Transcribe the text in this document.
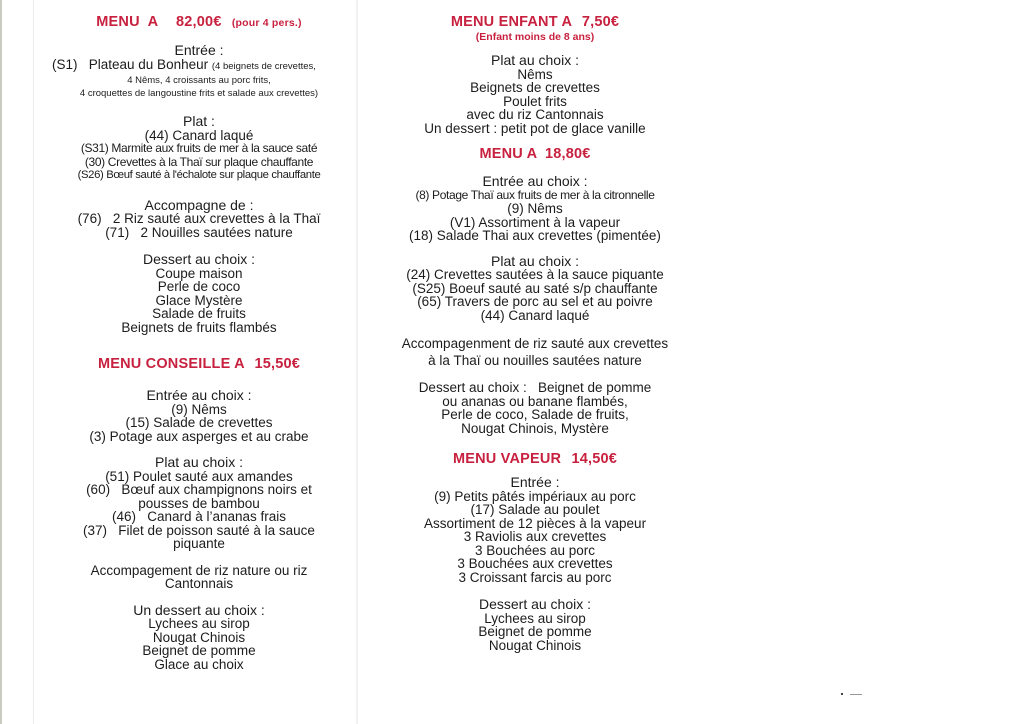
MENU  A 82,00€ (pour 4 pers.)
Entrée :
(S1)   Plateau du Bonheur (4 beignets de crevettes,
4 Nêms, 4 croissants au porc frits,
4 croquettes de langoustine frits et salade aux crevettes)
Plat :
(44) Canard laqué
(S31) Marmite aux fruits de mer à la sauce saté
(30) Crevettes à la Thaï sur plaque chauffante
(S26) Bœuf sauté à l'échalote sur plaque chauffante
Accompagne de :
(76)   2 Riz sauté aux crevettes à la Thaï
(71)   2 Nouilles sautées nature
Dessert au choix :
Coupe maison
Perle de coco
Glace Mystère
Salade de fruits
Beignets de fruits flambés
MENU CONSEILLE A 15,50€
Entrée au choix :
(9) Nêms
(15) Salade de crevettes
(3) Potage aux asperges et au crabe
Plat au choix :
(51) Poulet sauté aux amandes
(60)   Bœuf aux champignons noirs et
pousses de bambou
(46)   Canard à l’ananas frais
(37)   Filet de poisson sauté à la sauce
piquante
Accompagement de riz nature ou riz
Cantonnais
Un dessert au choix :
Lychees au sirop
Nougat Chinois
Beignet de pomme
Glace au choix
MENU ENFANT A 7,50€
(Enfant moins de 8 ans)
Plat au choix :
Nêms
Beignets de crevettes
Poulet frits
avec du riz Cantonnais
Un dessert : petit pot de glace vanille
MENU A 18,80€
Entrée au choix :
(8) Potage Thaï aux fruits de mer à la citronnelle
(9) Nêms
(V1) Assortiment à la vapeur
(18) Salade Thai aux crevettes (pimentée)
Plat au choix :
(24) Crevettes sautées à la sauce piquante
(S25) Boeuf sauté au saté s/p chauffante
(65) Travers de porc au sel et au poivre
(44) Canard laqué
Accompagenment de riz sauté aux crevettes
à la Thaï ou nouilles sautées nature
Dessert au choix :   Beignet de pomme
ou ananas ou banane flambés,
Perle de coco, Salade de fruits,
Nougat Chinois, Mystère
MENU VAPEUR 14,50€
Entrée :
(9) Petits pâtés impériaux au porc
(17) Salade au poulet
Assortiment de 12 pièces à la vapeur
3 Raviolis aux crevettes
3 Bouchées au porc
3 Bouchées aux crevettes
3 Croissant farcis au porc
Dessert au choix :
Lychees au sirop
Beignet de pomme
Nougat Chinois
